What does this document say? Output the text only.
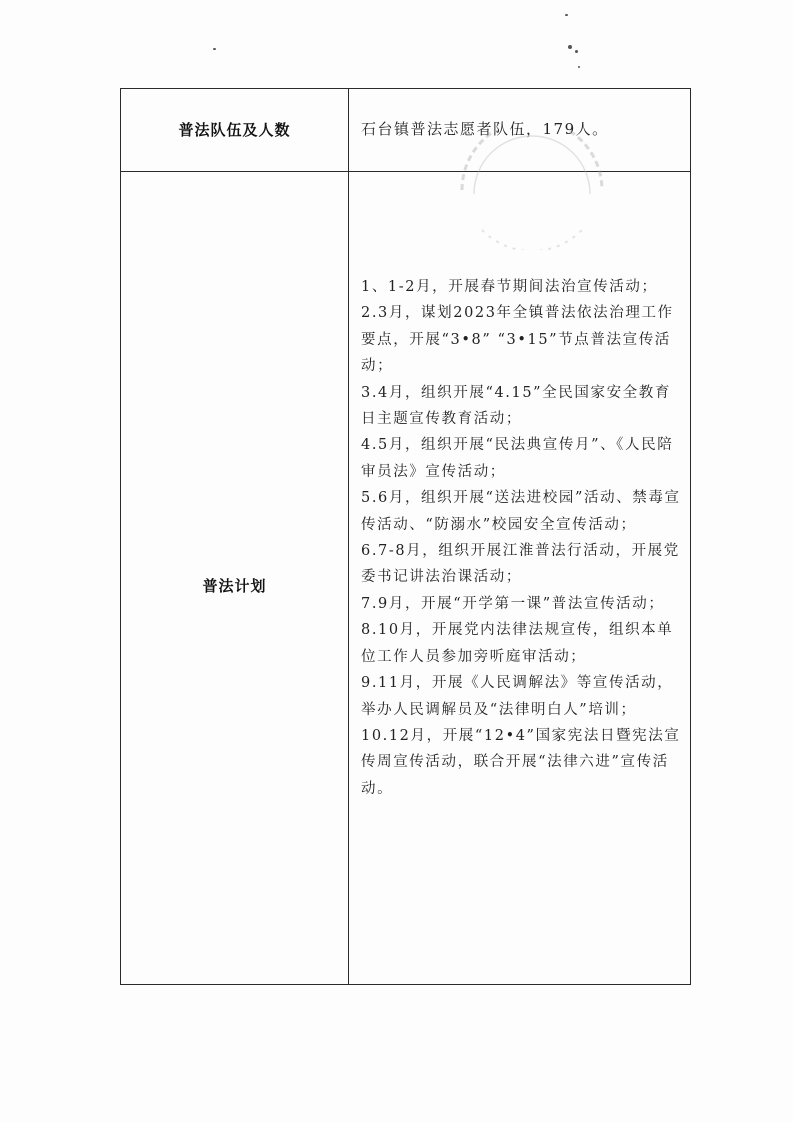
普法队伍及人数	石台镇普法志愿者队伍，179人。
普法计划
1、1-2月，开展春节期间法治宣传活动；
2.3月，谋划2023年全镇普法依法治理工作要点，开展“3•8” “3•15”节点普法宣传活动；
3.4月，组织开展“4.15”全民国家安全教育日主题宣传教育活动；
4.5月，组织开展“民法典宣传月”、《人民陪审员法》宣传活动；
5.6月，组织开展“送法进校园”活动、禁毒宣传活动、“防溺水”校园安全宣传活动；
6.7-8月，组织开展江淮普法行活动，开展党委书记讲法治课活动；
7.9月，开展“开学第一课”普法宣传活动；
8.10月，开展党内法律法规宣传，组织本单位工作人员参加旁听庭审活动；
9.11月，开展《人民调解法》等宣传活动，举办人民调解员及“法律明白人”培训；
10.12月，开展“12•4”国家宪法日暨宪法宣传周宣传活动，联合开展“法律六进”宣传活动。
